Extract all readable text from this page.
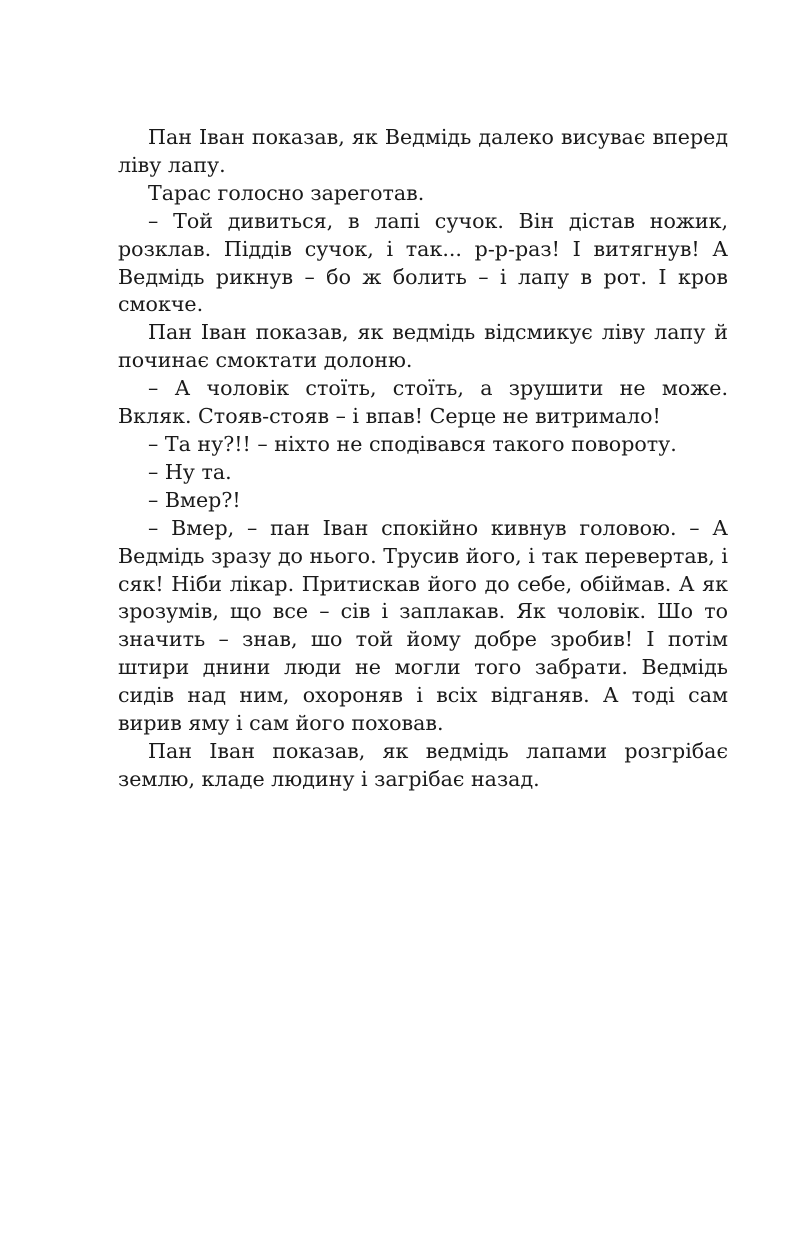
Пан Іван показав, як Ведмідь далеко висуває вперед ліву лапу.

Тарас голосно зареготав.

– Той дивиться, в лапі сучок. Він дістав ножик, розклав. Піддів сучок, і так... р-р-раз! І витягнув! А Ведмідь рикнув – бо ж болить – і лапу в рот. І кров смокче.

Пан Іван показав, як ведмідь відсмикує ліву лапу й починає смоктати долоню.

– А чоловік стоїть, стоїть, а зрушити не може. Вкляк. Стояв-стояв – і впав! Серце не витримало!

– Та ну?!! – ніхто не сподівався такого повороту.

– Ну та.

– Вмер?!

– Вмер, – пан Іван спокійно кивнув головою. – А Ведмідь зразу до нього. Трусив його, і так перевертав, і сяк! Ніби лікар. Притискав його до себе, обіймав. А як зрозумів, що все – сів і заплакав. Як чоловік. Шо то значить – знав, шо той йому добре зробив! І потім штири днини люди не могли того забрати. Ведмідь сидів над ним, охороняв і всіх відганяв. А тоді сам вирив яму і сам його поховав.

Пан Іван показав, як ведмідь лапами розгрібає землю, кладе людину і загрібає назад.
